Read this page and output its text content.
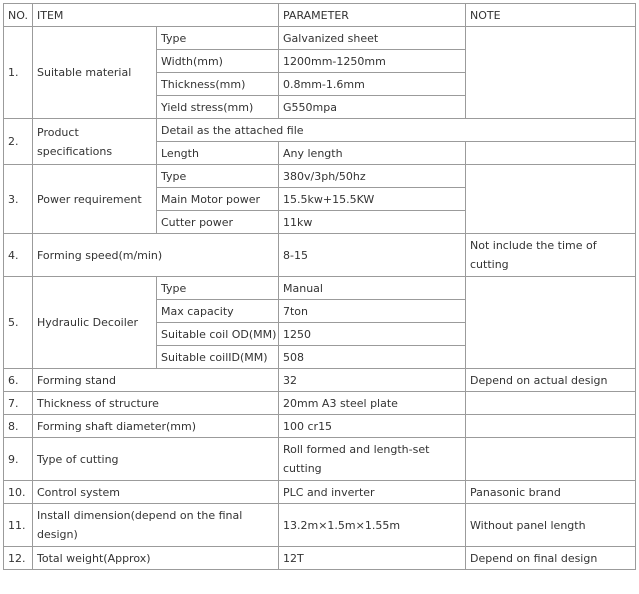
NO.	ITEM		PARAMETER	NOTE
1.	Suitable material	Type	Galvanized sheet	
		Width(mm)	1200mm-1250mm	
		Thickness(mm)	0.8mm-1.6mm	
		Yield stress(mm)	G550mpa	
2.	Product specifications	Detail as the attached file		
		Length	Any length	
3.	Power requirement	Type	380v/3ph/50hz	
		Main Motor power	15.5kw+15.5KW	
		Cutter power	11kw	
4.	Forming speed(m/min)		8-15	Not include the time of cutting
5.	Hydraulic Decoiler	Type	Manual	
		Max capacity	7ton	
		Suitable coil OD(MM)	1250	
		Suitable coilID(MM)	508	
6.	Forming stand		32	Depend on actual design
7.	Thickness of structure		20mm A3 steel plate	
8.	Forming shaft diameter(mm)		100 cr15	
9.	Type of cutting		Roll formed and length-set cutting	
10.	Control system		PLC and inverter	Panasonic brand
11.	Install dimension(depend on the final design)		13.2m×1.5m×1.55m	Without panel length
12.	Total weight(Approx)		12T	Depend on final design
